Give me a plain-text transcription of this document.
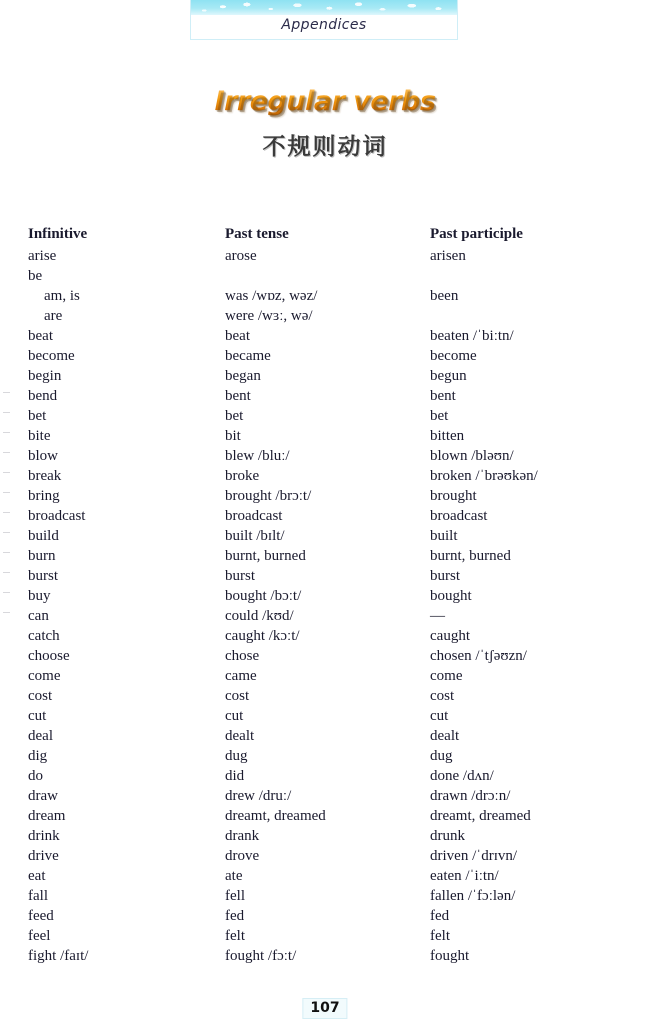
Appendices
Irregular verbs
不规则动词
Infinitive	Past tense	Past participle
arise	arose	arisen
be
am, is	was /wɒz, wəz/	been
are	were /wɜː, wə/
beat	beat	beaten /ˈbiːtn/
become	became	become
begin	began	begun
bend	bent	bent
bet	bet	bet
bite	bit	bitten
blow	blew /bluː/	blown /bləʊn/
break	broke	broken /ˈbrəʊkən/
bring	brought /brɔːt/	brought
broadcast	broadcast	broadcast
build	built /bɪlt/	built
burn	burnt, burned	burnt, burned
burst	burst	burst
buy	bought /bɔːt/	bought
can	could /kʊd/	—
catch	caught /kɔːt/	caught
choose	chose	chosen /ˈtʃəʊzn/
come	came	come
cost	cost	cost
cut	cut	cut
deal	dealt	dealt
dig	dug	dug
do	did	done /dʌn/
draw	drew /druː/	drawn /drɔːn/
dream	dreamt, dreamed	dreamt, dreamed
drink	drank	drunk
drive	drove	driven /ˈdrɪvn/
eat	ate	eaten /ˈiːtn/
fall	fell	fallen /ˈfɔːlən/
feed	fed	fed
feel	felt	felt
fight /faɪt/	fought /fɔːt/	fought
107
